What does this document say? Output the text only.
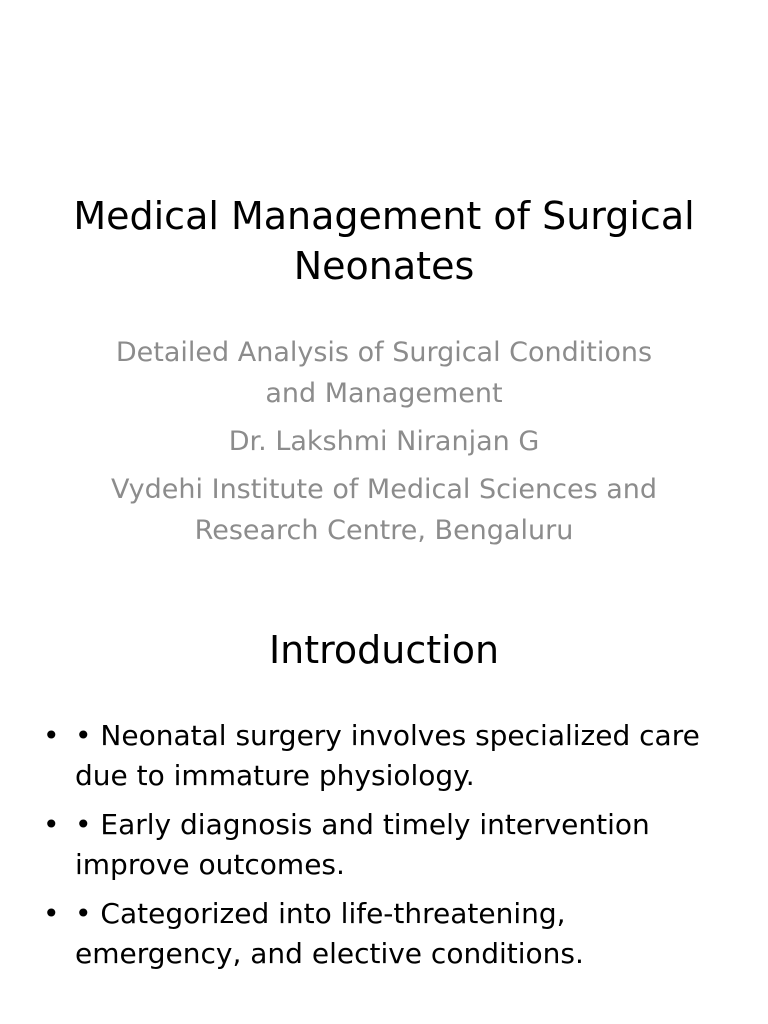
Medical Management of Surgical Neonates

Detailed Analysis of Surgical Conditions and Management

Dr. Lakshmi Niranjan G

Vydehi Institute of Medical Sciences and Research Centre, Bengaluru

Introduction
• • Neonatal surgery involves specialized care due to immature physiology.
• • Early diagnosis and timely intervention improve outcomes.
• • Categorized into life-threatening, emergency, and elective conditions.
